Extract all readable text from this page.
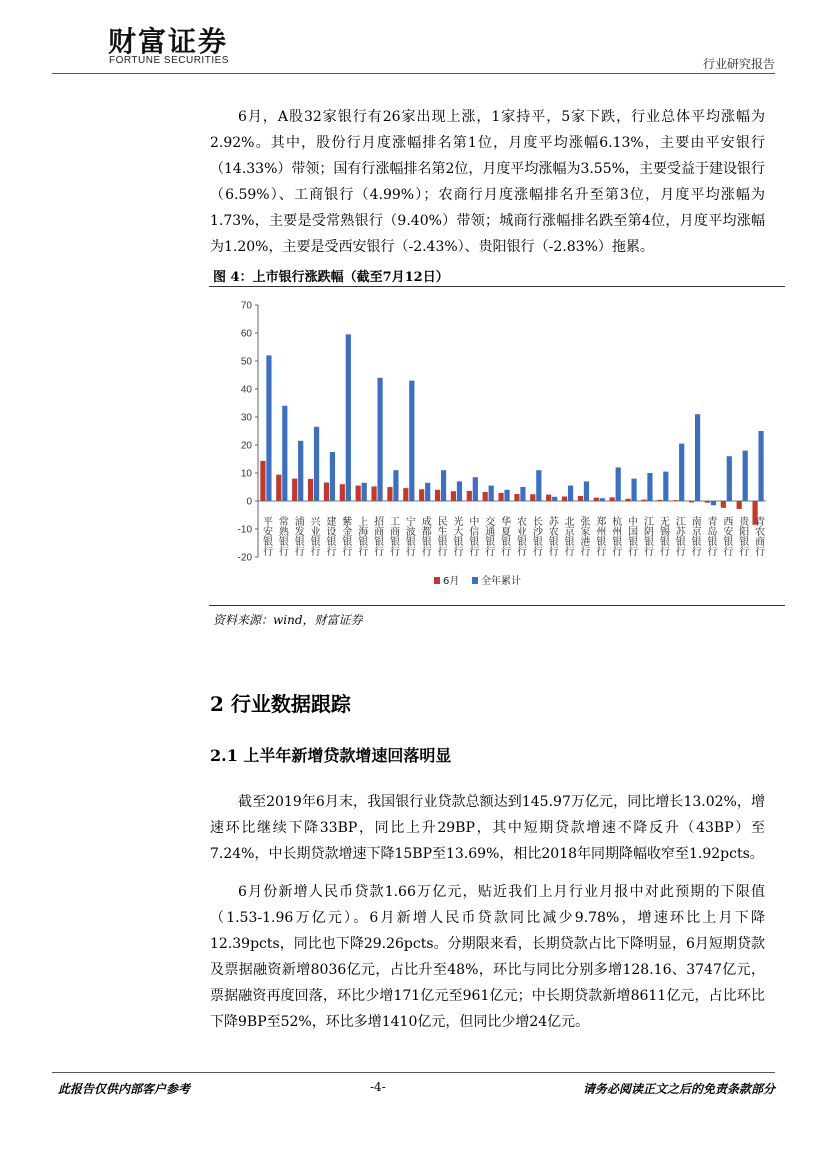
财富证券
FORTUNE SECURITIES	行业研究报告

6月，A股32家银行有26家出现上涨，1家持平，5家下跌，行业总体平均涨幅为2.92%。其中，股份行月度涨幅排名第1位，月度平均涨幅6.13%，主要由平安银行（14.33%）带领；国有行涨幅排名第2位，月度平均涨幅为3.55%，主要受益于建设银行（6.59%）、工商银行（4.99%）；农商行月度涨幅排名升至第3位，月度平均涨幅为1.73%，主要是受常熟银行（9.40%）带领；城商行涨幅排名跌至第4位，月度平均涨幅为1.20%，主要是受西安银行（-2.43%）、贵阳银行（-2.83%）拖累。

图 4：上市银行涨跌幅（截至7月12日）
-20
-10
0
10
20
30
40
50
60
70
平安银行 常熟银行 浦发银行 兴业银行 建设银行 紫金银行 上海银行 招商银行 工商银行 宁波银行 成都银行 民生银行 光大银行 中信银行 交通银行 华夏银行 农业银行 长沙银行 苏农银行 北京银行 张家港行 郑州银行 杭州银行 中国银行 江阴银行 无锡银行 江苏银行 南京银行 青岛银行 西安银行 贵阳银行 青农商行
6月 全年累计
资料来源：wind，财富证券
2 行业数据跟踪
2.1 上半年新增贷款增速回落明显

截至2019年6月末，我国银行业贷款总额达到145.97万亿元，同比增长13.02%，增速环比继续下降33BP，同比上升29BP，其中短期贷款增速不降反升（43BP）至7.24%，中长期贷款增速下降15BP至13.69%，相比2018年同期降幅收窄至1.92pcts。

6月份新增人民币贷款1.66万亿元，贴近我们上月行业月报中对此预期的下限值（1.53-1.96万亿元）。6月新增人民币贷款同比减少9.78%，增速环比上月下降12.39pcts，同比也下降29.26pcts。分期限来看，长期贷款占比下降明显，6月短期贷款及票据融资新增8036亿元，占比升至48%，环比与同比分别多增128.16、3747亿元，票据融资再度回落，环比少增171亿元至961亿元；中长期贷款新增8611亿元，占比环比下降9BP至52%，环比多增1410亿元，但同比少增24亿元。

此报告仅供内部客户参考	-4-	请务必阅读正文之后的免责条款部分
